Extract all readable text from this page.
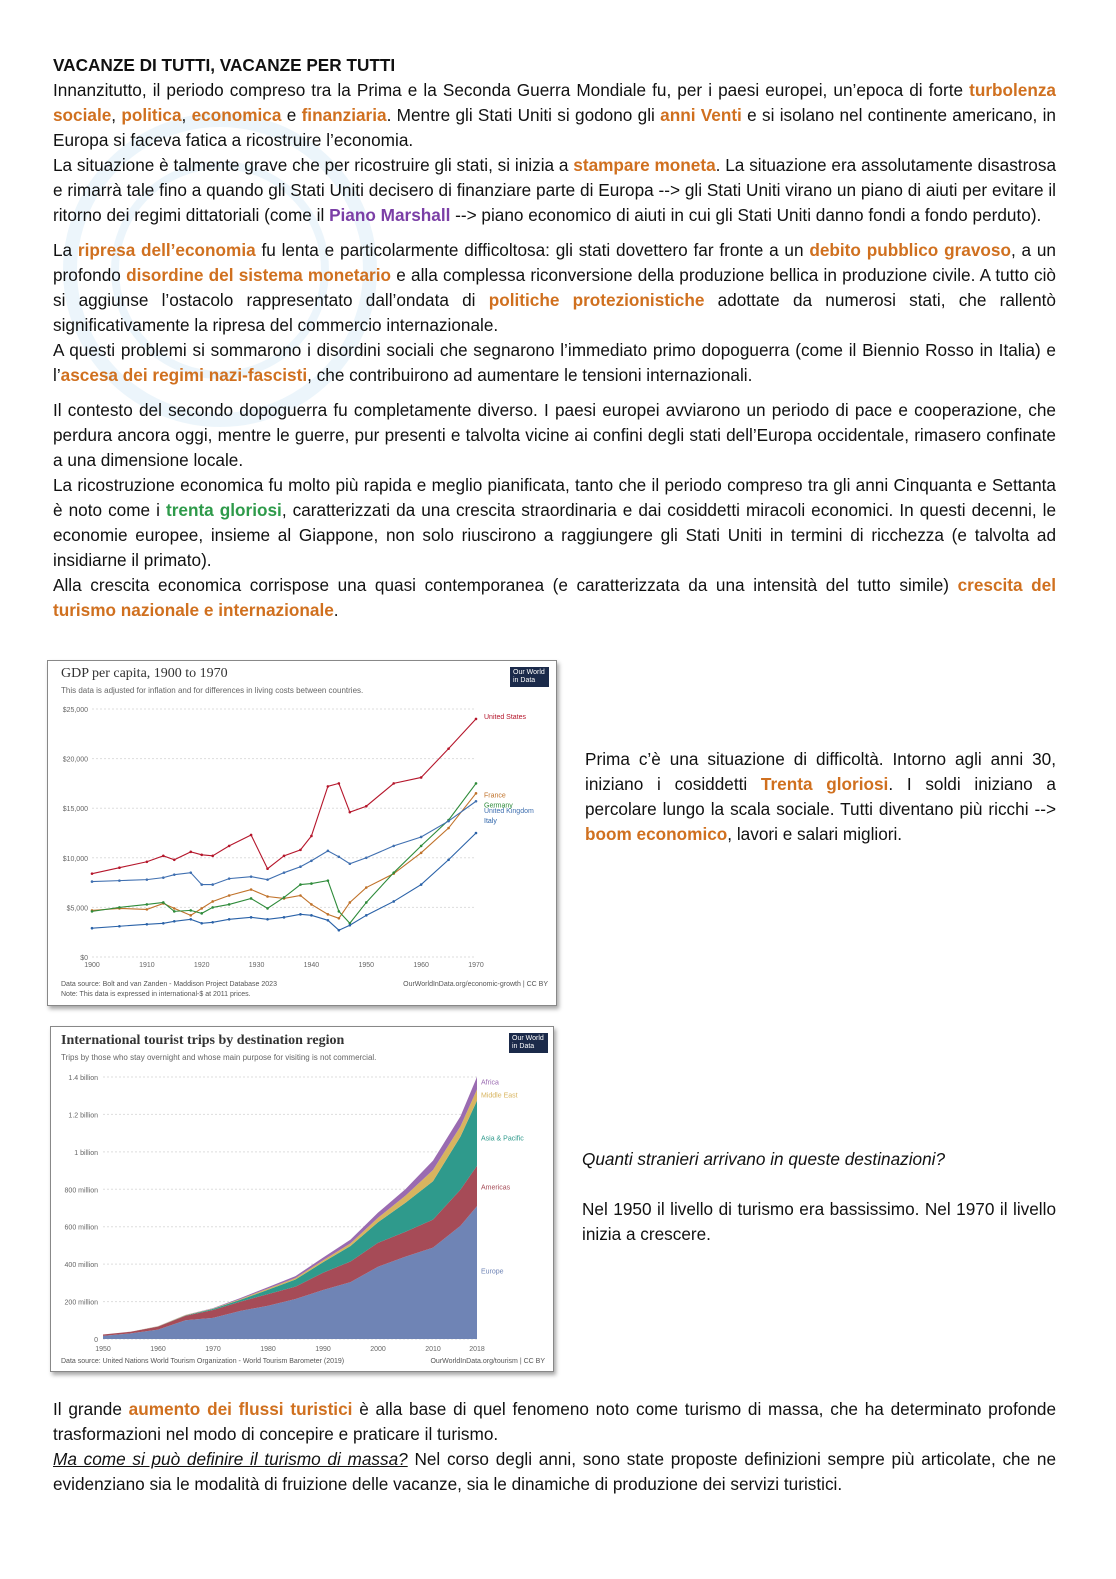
VACANZE DI TUTTI, VACANZE PER TUTTI

Innanzitutto, il periodo compreso tra la Prima e la Seconda Guerra Mondiale fu, per i paesi europei, un’epoca di forte turbolenza sociale, politica, economica e finanziaria. Mentre gli Stati Uniti si godono gli anni Venti e si isolano nel continente americano, in Europa si faceva fatica a ricostruire l’economia.

La situazione è talmente grave che per ricostruire gli stati, si inizia a stampare moneta. La situazione era assolutamente disastrosa e rimarrà tale fino a quando gli Stati Uniti decisero di finanziare parte di Europa --> gli Stati Uniti virano un piano di aiuti per evitare il ritorno dei regimi dittatoriali (come il Piano Marshall --> piano economico di aiuti in cui gli Stati Uniti danno fondi a fondo perduto).

La ripresa dell’economia fu lenta e particolarmente difficoltosa: gli stati dovettero far fronte a un debito pubblico gravoso, a un profondo disordine del sistema monetario e alla complessa riconversione della produzione bellica in produzione civile. A tutto ciò si aggiunse l’ostacolo rappresentato dall’ondata di politiche protezionistiche adottate da numerosi stati, che rallentò significativamente la ripresa del commercio internazionale.

A questi problemi si sommarono i disordini sociali che segnarono l’immediato primo dopoguerra (come il Biennio Rosso in Italia) e l’ascesa dei regimi nazi-fascisti, che contribuirono ad aumentare le tensioni internazionali.

Il contesto del secondo dopoguerra fu completamente diverso. I paesi europei avviarono un periodo di pace e cooperazione, che perdura ancora oggi, mentre le guerre, pur presenti e talvolta vicine ai confini degli stati dell’Europa occidentale, rimasero confinate a una dimensione locale.

La ricostruzione economica fu molto più rapida e meglio pianificata, tanto che il periodo compreso tra gli anni Cinquanta e Settanta è noto come i trenta gloriosi, caratterizzati da una crescita straordinaria e dai cosiddetti miracoli economici. In questi decenni, le economie europee, insieme al Giappone, non solo riuscirono a raggiungere gli Stati Uniti in termini di ricchezza (e talvolta ad insidiarne il primato).

Alla crescita economica corrispose una quasi contemporanea (e caratterizzata da una intensità del tutto simile) crescita del turismo nazionale e internazionale.

GDP per capita, 1900 to 1970
This data is adjusted for inflation and for differences in living costs between countries.
Our World in Data
$0
$5,000
$10,000
$15,000
$20,000
$25,000
1900	1910	1920	1930	1940	1950	1960	1970
United States
France
Germany
United Kingdom
Italy
Data source: Bolt and van Zanden - Maddison Project Database 2023
Note: This data is expressed in international-$ at 2011 prices.
OurWorldInData.org/economic-growth | CC BY
Prima c’è una situazione di difficoltà. Intorno agli anni 30, iniziano i cosiddetti Trenta gloriosi. I soldi iniziano a percolare lungo la scala sociale. Tutti diventano più ricchi --> boom economico, lavori e salari migliori.
International tourist trips by destination region
Trips by those who stay overnight and whose main purpose for visiting is not commercial.
Our World in Data
0
200 million
400 million
600 million
800 million
1 billion
1.2 billion
1.4 billion
1950	1960	1970	1980	1990	2000	2010	2018
Europe
Americas
Asia & Pacific
Middle East
Africa
Data source: United Nations World Tourism Organization - World Tourism Barometer (2019)	OurWorldInData.org/tourism | CC BY

Quanti stranieri arrivano in queste destinazioni?

Nel 1950 il livello di turismo era bassissimo. Nel 1970 il livello inizia a crescere.

Il grande aumento dei flussi turistici è alla base di quel fenomeno noto come turismo di massa, che ha determinato profonde trasformazioni nel modo di concepire e praticare il turismo.

Ma come si può definire il turismo di massa? Nel corso degli anni, sono state proposte definizioni sempre più articolate, che ne evidenziano sia le modalità di fruizione delle vacanze, sia le dinamiche di produzione dei servizi turistici.
